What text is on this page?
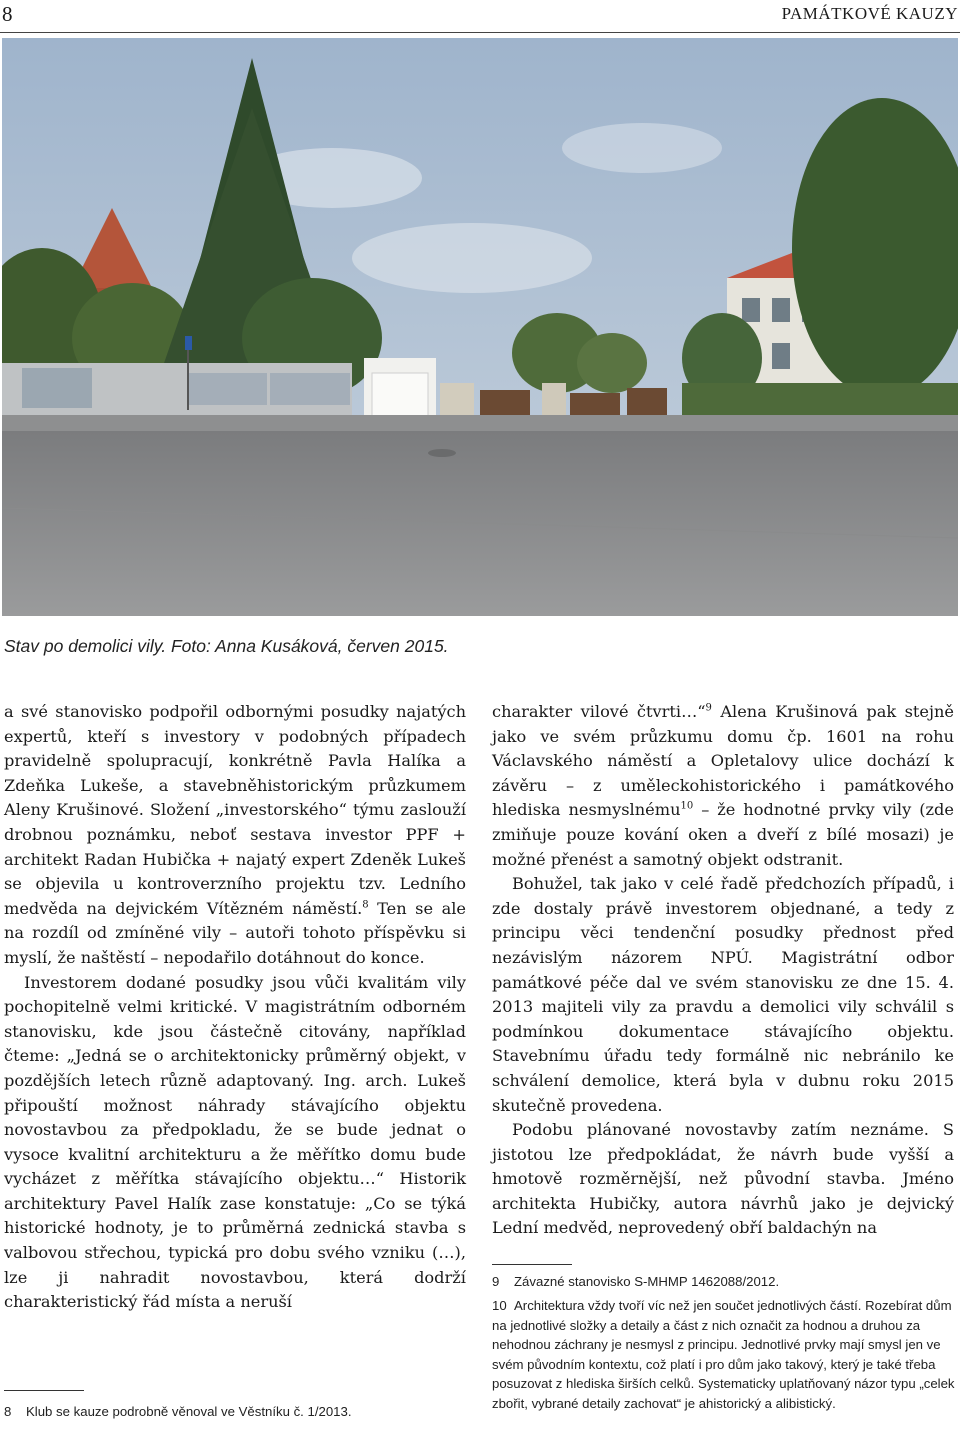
8	PAMÁTKOVÉ KAUZY
Stav po demolici vily. Foto: Anna Kusáková, červen 2015.

a své stanovisko podpořil odbornými posudky najatých expertů, kteří s investory v podobných případech pravidelně spolupracují, konkrétně Pavla Halíka a Zdeňka Lukeše, a stavebněhistorickým průzkumem Aleny Krušinové. Složení „investorského“ týmu zaslouží drobnou poznámku, neboť sestava investor PPF + architekt Radan Hubička + najatý expert Zdeněk Lukeš se objevila u kontroverzního projektu tzv. Ledního medvěda na dejvickém Vítězném náměstí.$^8$ Ten se ale na rozdíl od zmíněné vily – autoři tohoto příspěvku si myslí, že naštěstí – nepodařilo dotáhnout do konce.

Investorem dodané posudky jsou vůči kvalitám vily pochopitelně velmi kritické. V magistrátním odborném stanovisku, kde jsou částečně citovány, například čteme: „Jedná se o architektonicky průměrný objekt, v pozdějších letech různě adaptovaný. Ing. arch. Lukeš připouští možnost náhrady stávajícího objektu novostavbou za předpokladu, že se bude jednat o vysoce kvalitní architekturu a že měřítko domu bude vycházet z měřítka stávajícího objektu…“ Historik architektury Pavel Halík zase konstatuje: „Co se týká historické hodnoty, je to průměrná zednická stavba s valbovou střechou, typická pro dobu svého vzniku (…), lze ji nahradit novostavbou, která dodrží charakteristický řád místa a neruší

8 Klub se kauze podrobně věnoval ve Věstníku č. 1/2013.

charakter vilové čtvrti…“$^9$ Alena Krušinová pak stejně jako ve svém průzkumu domu čp. 1601 na rohu Václavského náměstí a Opletalovy ulice dochází k závěru – z uměleckohistorického i památkového hlediska nesmyslnému$^{10}$ – že hodnotné prvky vily (zde zmiňuje pouze kování oken a dveří z bílé mosazi) je možné přenést a samotný objekt odstranit.

Bohužel, tak jako v celé řadě předchozích případů, i zde dostaly právě investorem objednané, a tedy z principu věci tendenční posudky přednost před nezávislým názorem NPÚ. Magistrátní odbor památkové péče dal ve svém stanovisku ze dne 15. 4. 2013 majiteli vily za pravdu a demolici vily schválil s podmínkou dokumentace stávajícího objektu. Stavebnímu úřadu tedy formálně nic nebránilo ke schválení demolice, která byla v dubnu roku 2015 skutečně provedena.

Podobu plánované novostavby zatím neznáme. S jistotou lze předpokládat, že návrh bude vyšší a hmotově rozměrnější, než původní stavba. Jméno architekta Hubičky, autora návrhů jako je dejvický Lední medvěd, neprovedený obří baldachýn na

9 Závazné stanovisko S-MHMP 1462088/2012.
10 Architektura vždy tvoří víc než jen součet jednotlivých částí. Rozebírat dům na jednotlivé složky a detaily a část z nich označit za hodnou a druhou za nehodnou záchrany je nesmysl z principu. Jednotlivé prvky mají smysl jen ve svém původním kontextu, což platí i pro dům jako takový, který je také třeba posuzovat z hlediska širších celků. Systematicky uplatňovaný názor typu „celek zbořit, vybrané detaily zachovat“ je ahistorický a alibistický.
